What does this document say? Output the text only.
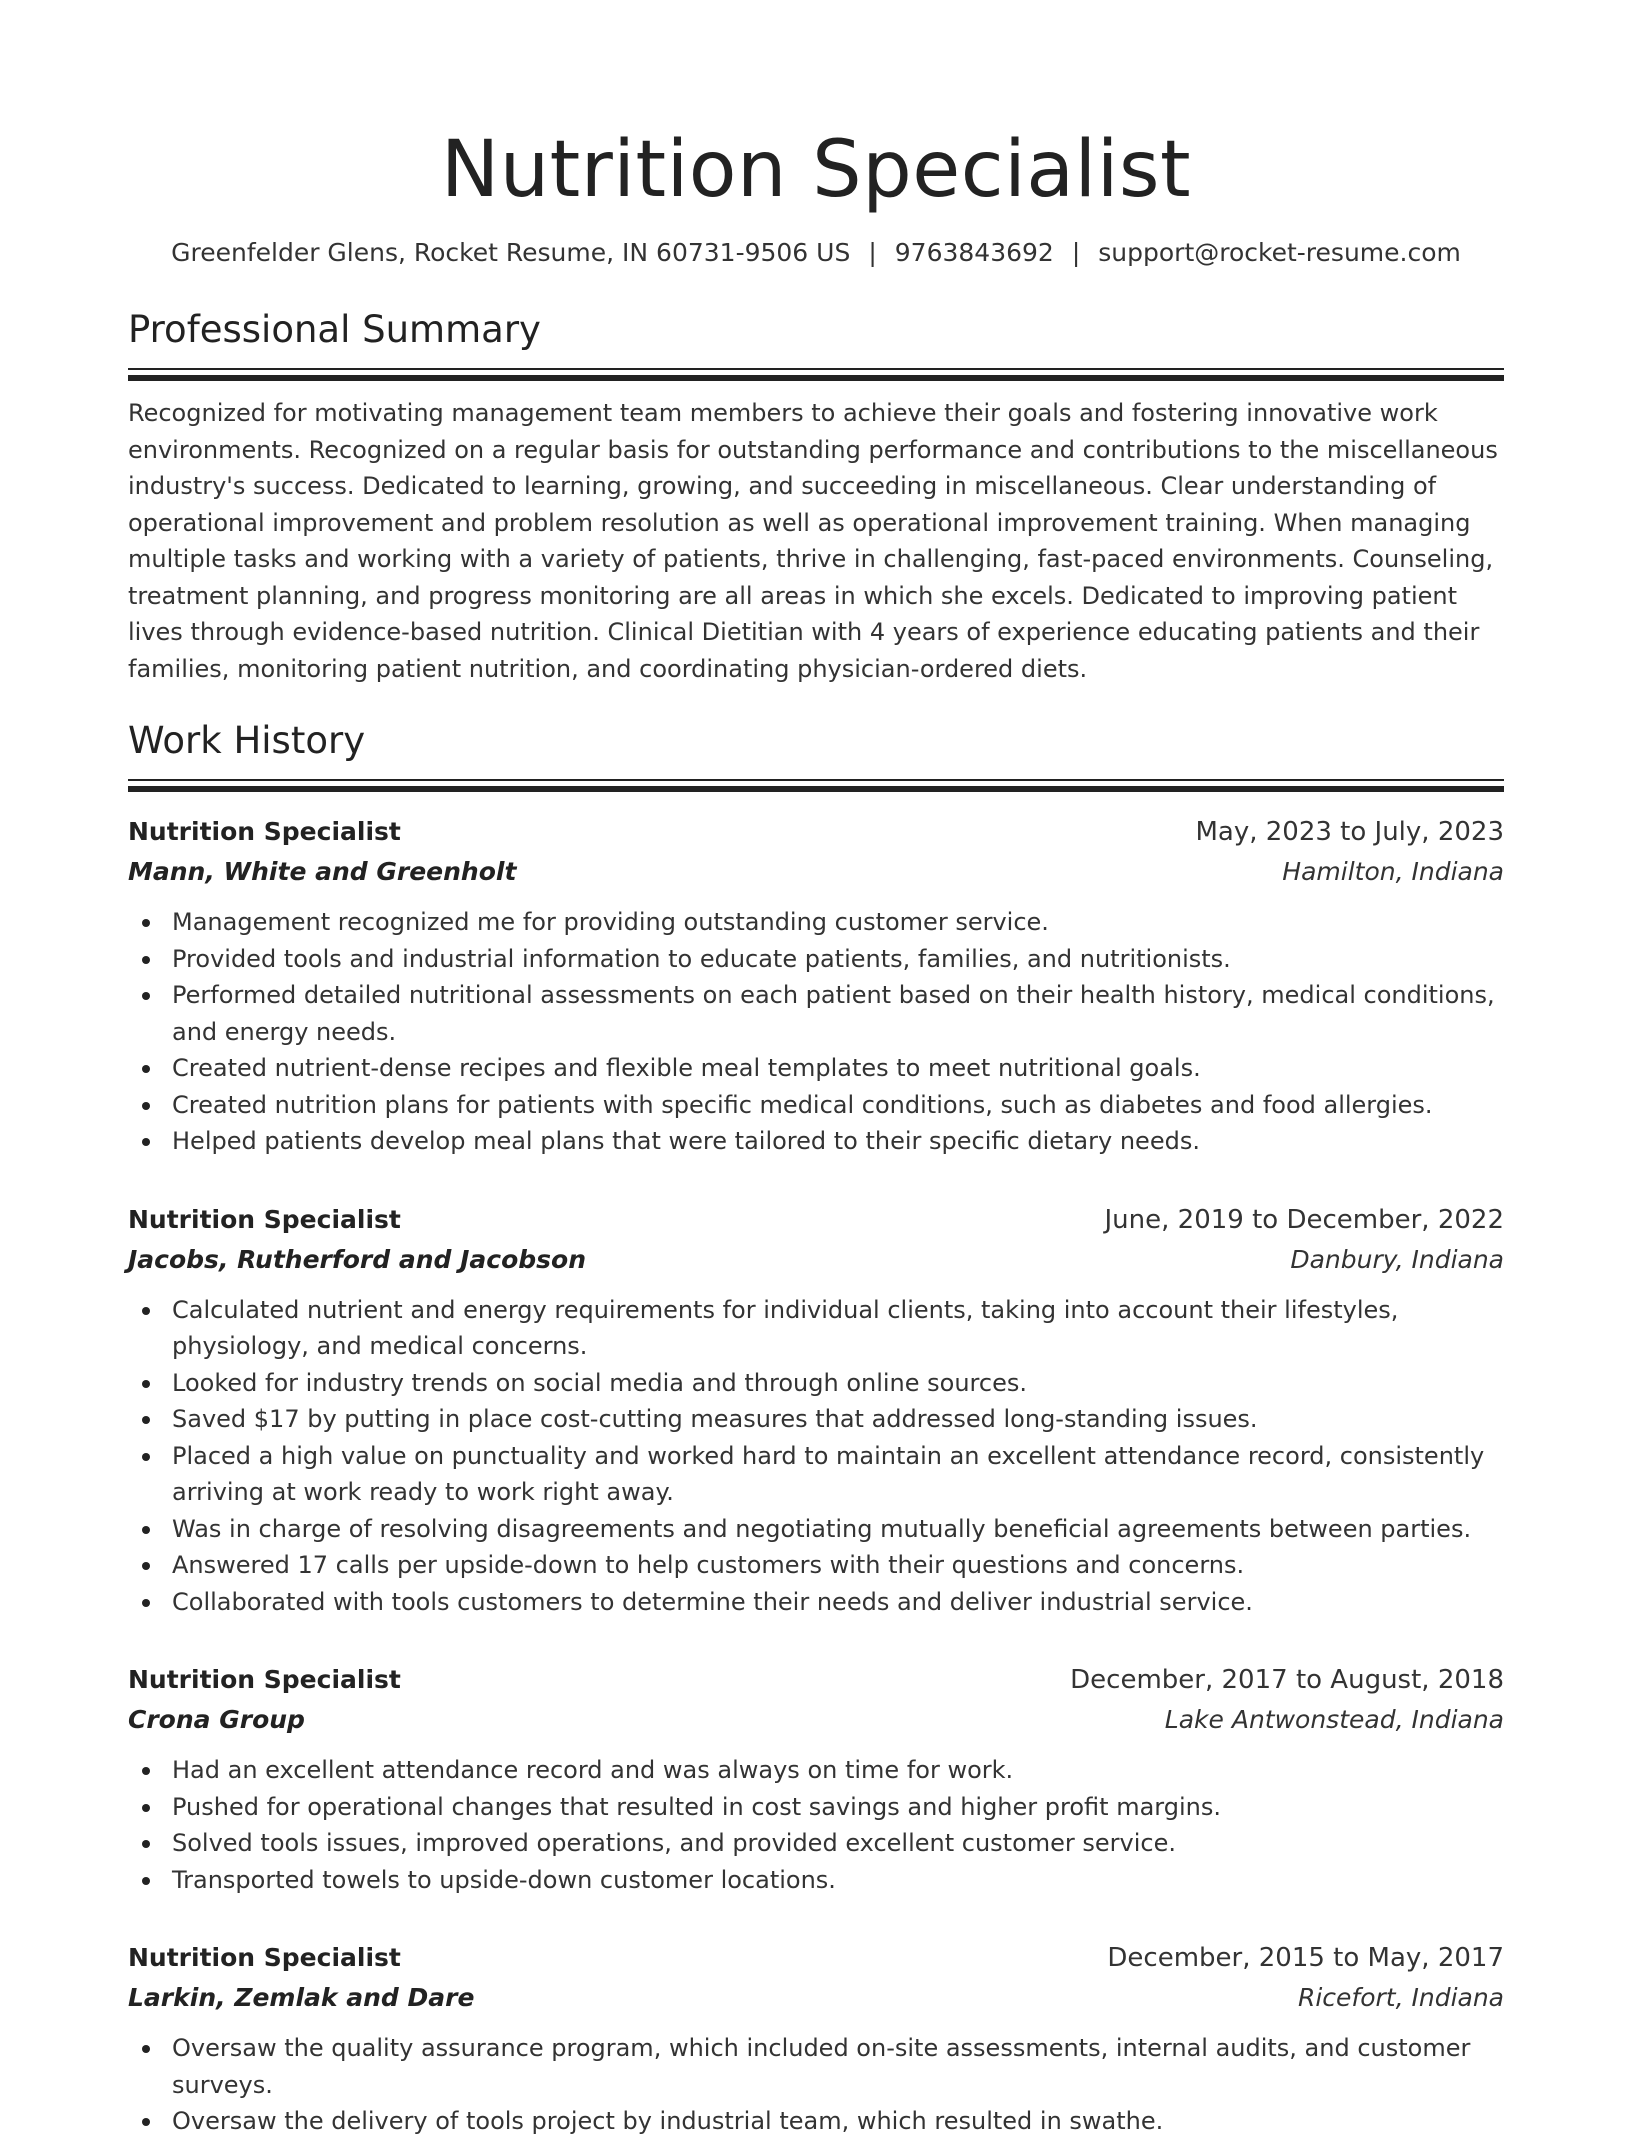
Nutrition Specialist
Greenfelder Glens, Rocket Resume, IN 60731-9506 US | 9763843692 | support@rocket-resume.com
Professional Summary

Recognized for motivating management team members to achieve their goals and fostering innovative work environments. Recognized on a regular basis for outstanding performance and contributions to the miscellaneous industry's success. Dedicated to learning, growing, and succeeding in miscellaneous. Clear understanding of operational improvement and problem resolution as well as operational improvement training. When managing multiple tasks and working with a variety of patients, thrive in challenging, fast-paced environments. Counseling, treatment planning, and progress monitoring are all areas in which she excels. Dedicated to improving patient lives through evidence-based nutrition. Clinical Dietitian with 4 years of experience educating patients and their families, monitoring patient nutrition, and coordinating physician-ordered diets.

Work History
Nutrition Specialist	May, 2023 to July, 2023
Mann, White and Greenholt	Hamilton, Indiana
Management recognized me for providing outstanding customer service.
Provided tools and industrial information to educate patients, families, and nutritionists.
Performed detailed nutritional assessments on each patient based on their health history, medical conditions, and energy needs.
Created nutrient-dense recipes and flexible meal templates to meet nutritional goals.
Created nutrition plans for patients with specific medical conditions, such as diabetes and food allergies.
Helped patients develop meal plans that were tailored to their specific dietary needs.
Nutrition Specialist	June, 2019 to December, 2022
Jacobs, Rutherford and Jacobson	Danbury, Indiana
Calculated nutrient and energy requirements for individual clients, taking into account their lifestyles, physiology, and medical concerns.
Looked for industry trends on social media and through online sources.
Saved $17 by putting in place cost-cutting measures that addressed long-standing issues.
Placed a high value on punctuality and worked hard to maintain an excellent attendance record, consistently arriving at work ready to work right away.
Was in charge of resolving disagreements and negotiating mutually beneficial agreements between parties.
Answered 17 calls per upside-down to help customers with their questions and concerns.
Collaborated with tools customers to determine their needs and deliver industrial service.
Nutrition Specialist	December, 2017 to August, 2018
Crona Group	Lake Antwonstead, Indiana
Had an excellent attendance record and was always on time for work.
Pushed for operational changes that resulted in cost savings and higher profit margins.
Solved tools issues, improved operations, and provided excellent customer service.
Transported towels to upside-down customer locations.
Nutrition Specialist	December, 2015 to May, 2017
Larkin, Zemlak and Dare	Ricefort, Indiana
Oversaw the quality assurance program, which included on-site assessments, internal audits, and customer surveys.
Oversaw the delivery of tools project by industrial team, which resulted in swathe.
